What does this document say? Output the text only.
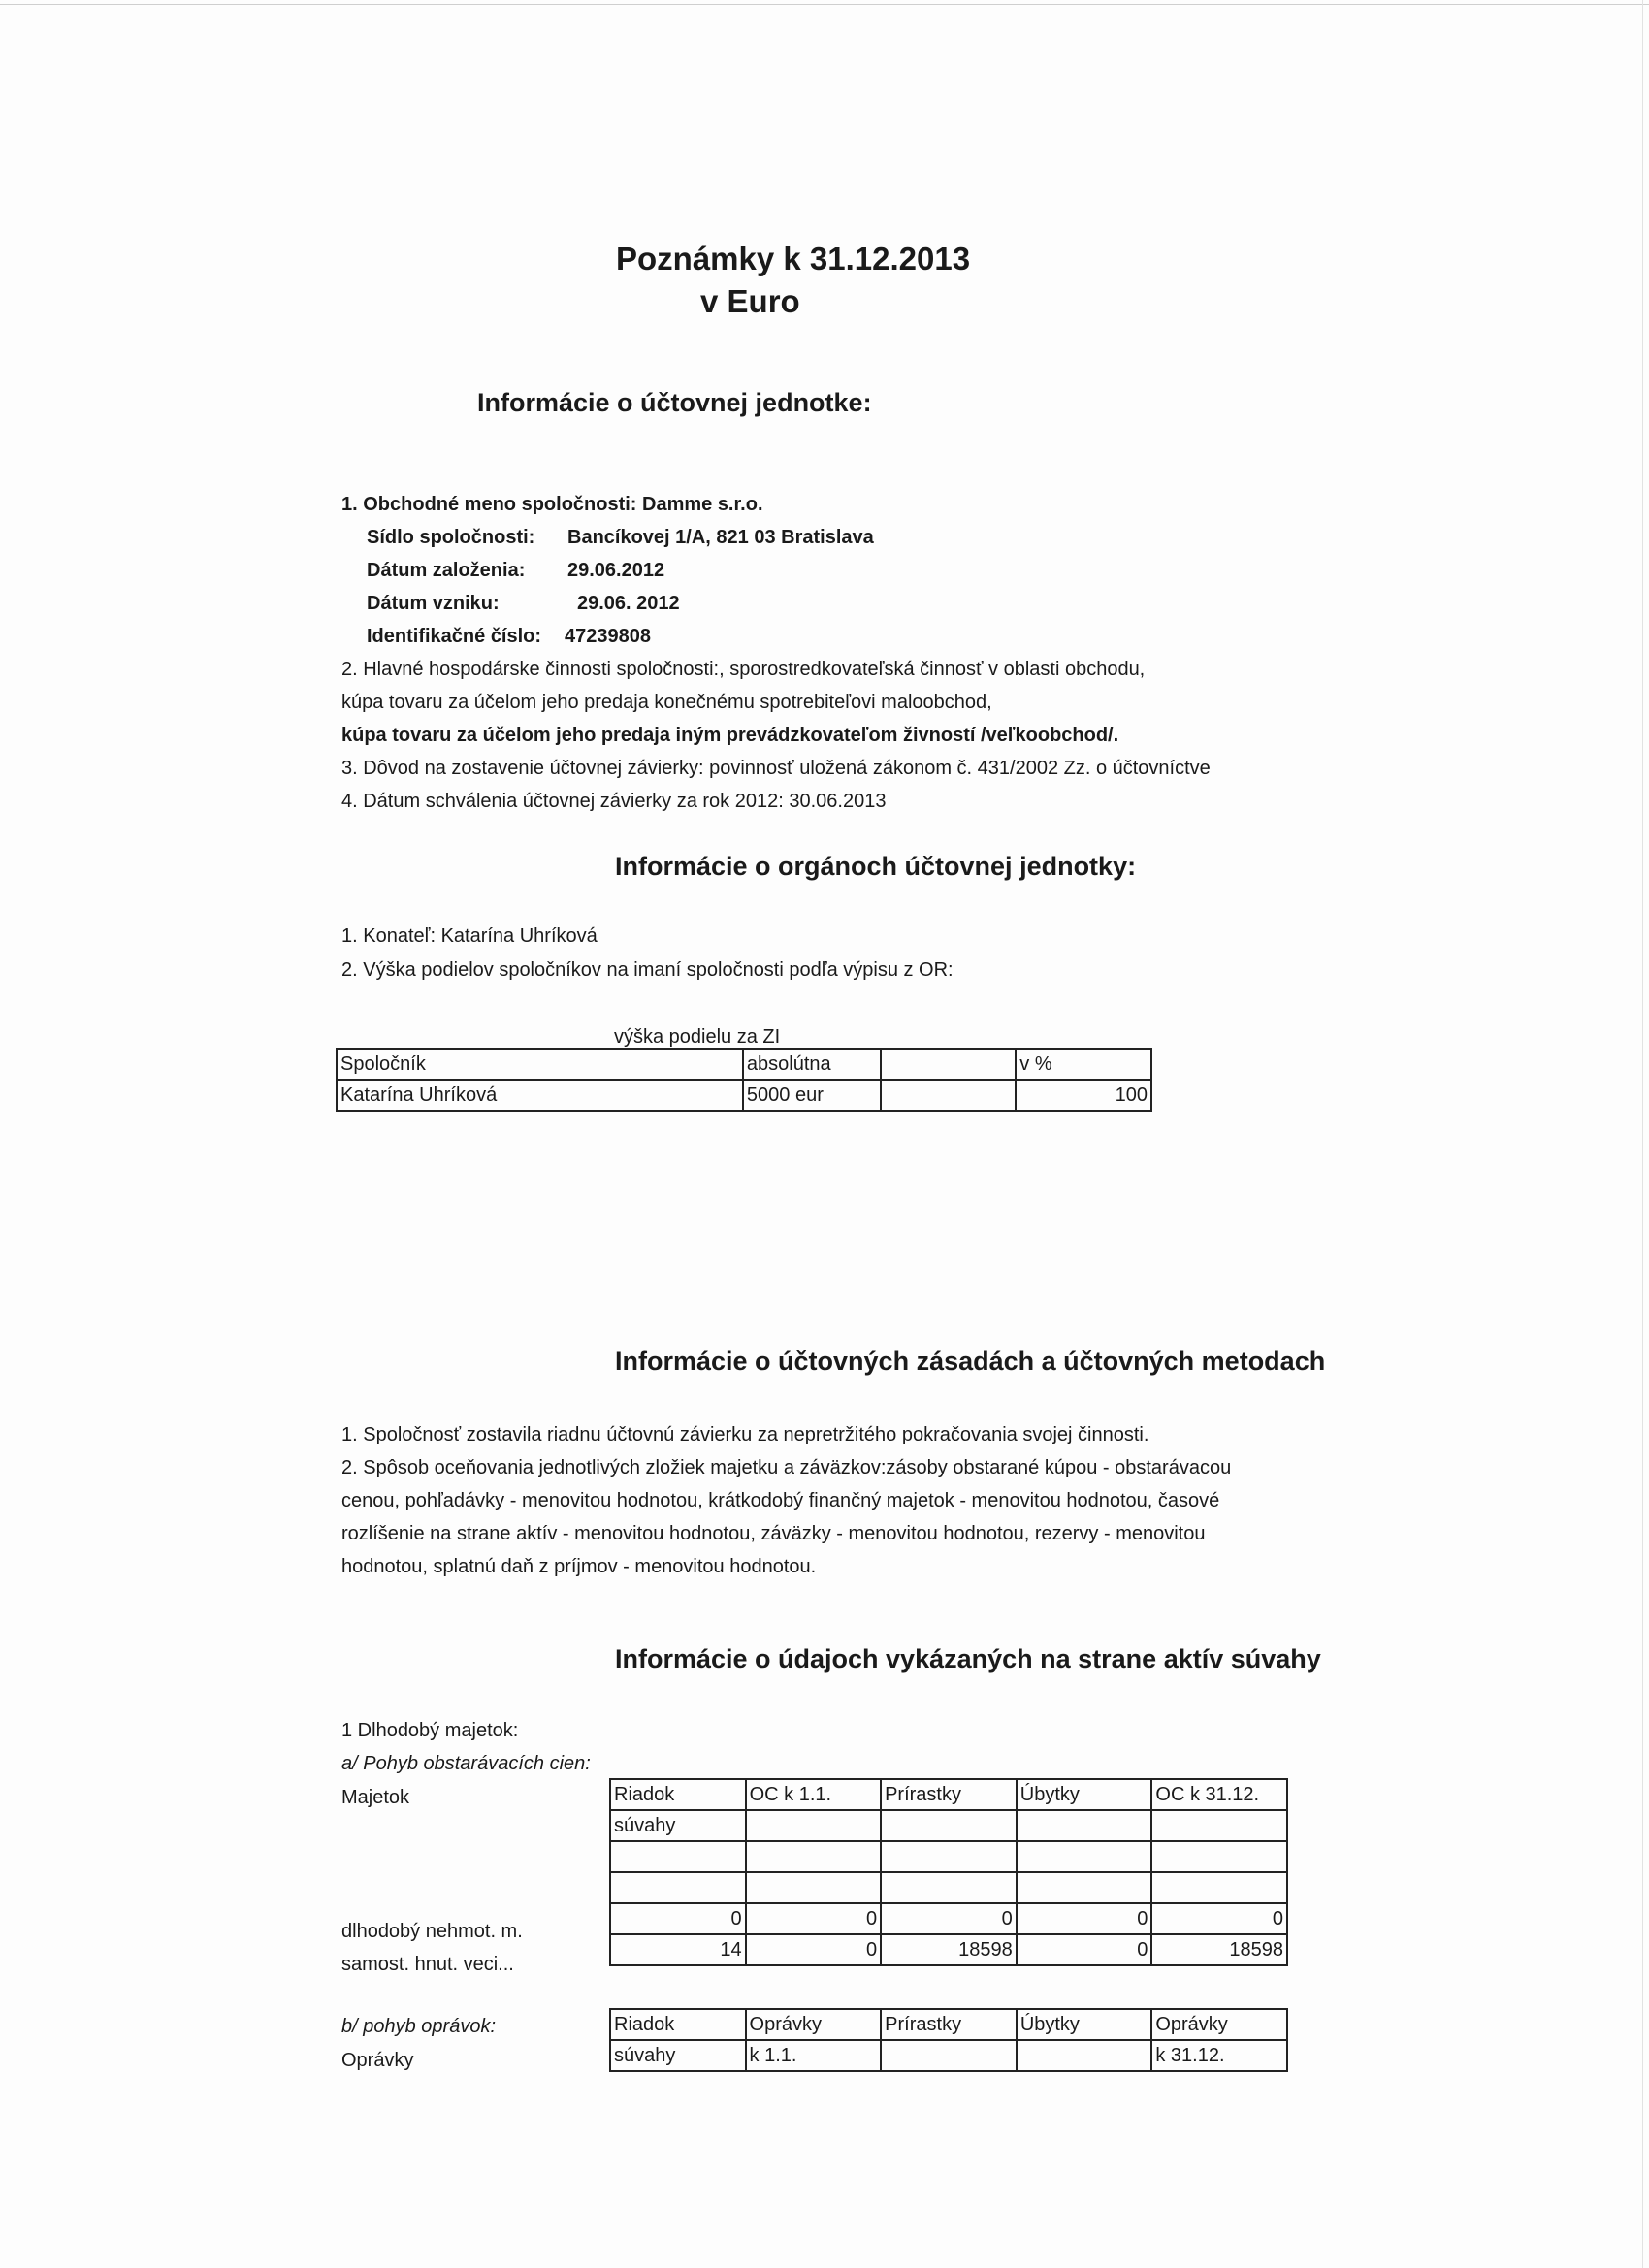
Poznámky k 31.12.2013
v Euro
Informácie o účtovnej jednotke:
1. Obchodné meno spoločnosti: Damme s.r.o.
Sídlo spoločnosti: Bancíkovej 1/A, 821 03 Bratislava
Dátum založenia: 29.06.2012
Dátum vzniku:	29.06. 2012
Identifikačné číslo: 47239808
2. Hlavné hospodárske činnosti spoločnosti:, sporostredkovateľská činnosť v oblasti obchodu,
kúpa tovaru za účelom jeho predaja konečnému spotrebiteľovi maloobchod,
kúpa tovaru za účelom jeho predaja iným prevádzkovateľom živností /veľkoobchod/.
3. Dôvod na zostavenie účtovnej závierky: povinnosť uložená zákonom č. 431/2002 Zz. o účtovníctve
4. Dátum schválenia účtovnej závierky za rok 2012: 30.06.2013
Informácie o orgánoch účtovnej jednotky:
1. Konateľ: Katarína Uhríková
2. Výška podielov spoločníkov na imaní spoločnosti podľa výpisu z OR:
výška podielu za ZI
Spoločník	absolútna		v %
Katarína Uhríková	5000 eur		100
Informácie o účtovných zásadách a účtovných metodach
1. Spoločnosť zostavila riadnu účtovnú závierku za nepretržitého pokračovania svojej činnosti.
2. Spôsob oceňovania jednotlivých zložiek majetku a záväzkov:zásoby obstarané kúpou - obstarávacou
cenou, pohľadávky - menovitou hodnotou, krátkodobý finančný majetok - menovitou hodnotou, časové
rozlíšenie na strane aktív - menovitou hodnotou, záväzky - menovitou hodnotou, rezervy - menovitou
hodnotou, splatnú daň z príjmov - menovitou hodnotou.
Informácie o údajoch vykázaných na strane aktív súvahy
1 Dlhodobý majetok:
a/ Pohyb obstarávacích cien:
Majetok
dlhodobý nehmot. m.
samost. hnut. veci...
Riadok	OC k 1.1.	Prírastky	Úbytky	OC k 31.12.
súvahy				

0	0	0	0	0
14	0	18598	0	18598
b/ pohyb oprávok:
Oprávky
Riadok	Oprávky	Prírastky	Úbytky	Oprávky
súvahy	k 1.1.			k 31.12.
